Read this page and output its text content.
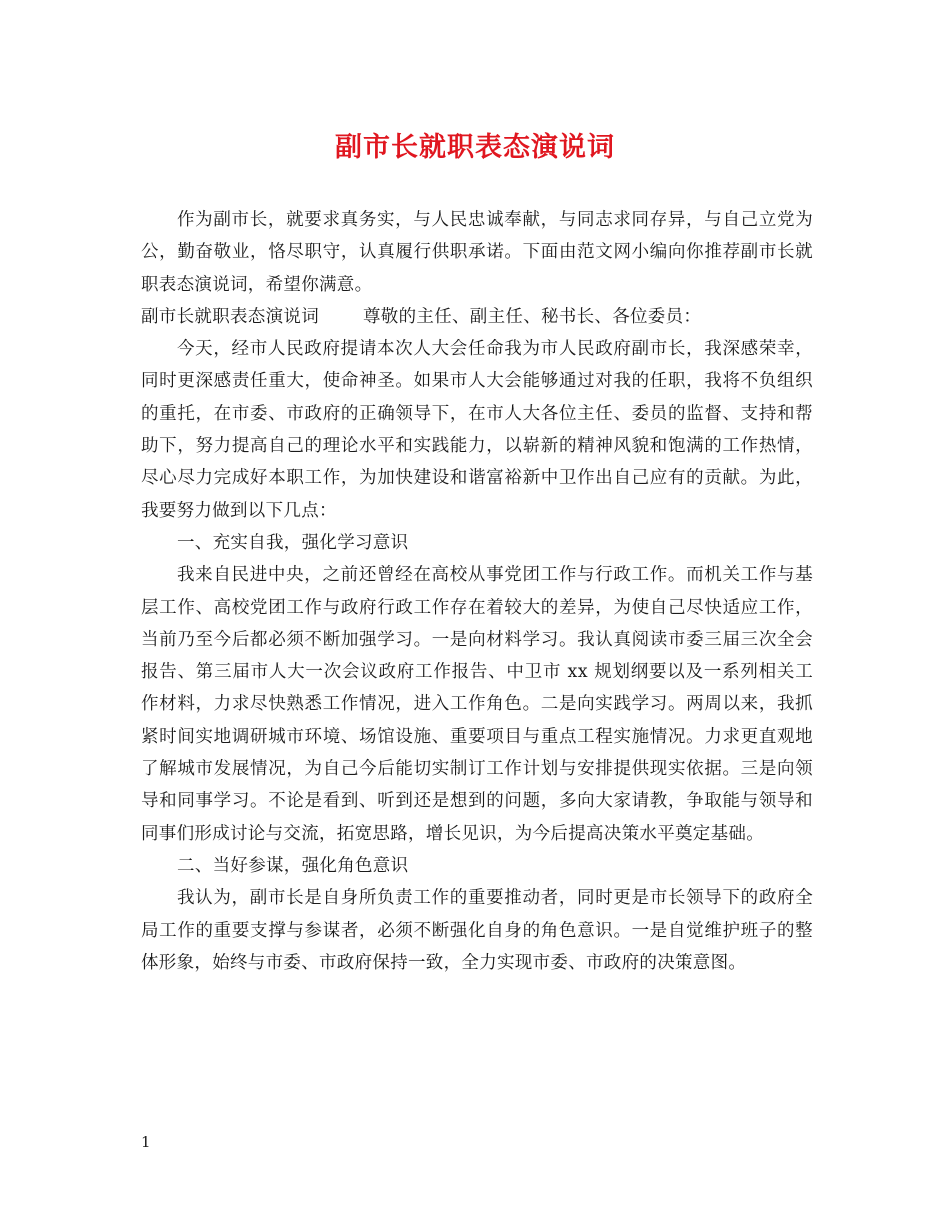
副市长就职表态演说词

作为副市长，就要求真务实，与人民忠诚奉献，与同志求同存异，与自己立党为公，勤奋敬业，恪尽职守，认真履行供职承诺。下面由范文网小编向你推荐副市长就职表态演说词，希望你满意。

副市长就职表态演说词	尊敬的主任、副主任、秘书长、各位委员：

今天，经市人民政府提请本次人大会任命我为市人民政府副市长，我深感荣幸，同时更深感责任重大，使命神圣。如果市人大会能够通过对我的任职，我将不负组织的重托，在市委、市政府的正确领导下，在市人大各位主任、委员的监督、支持和帮助下，努力提高自己的理论水平和实践能力，以崭新的精神风貌和饱满的工作热情，尽心尽力完成好本职工作，为加快建设和谐富裕新中卫作出自己应有的贡献。为此，我要努力做到以下几点：

一、充实自我，强化学习意识

我来自民进中央，之前还曾经在高校从事党团工作与行政工作。而机关工作与基层工作、高校党团工作与政府行政工作存在着较大的差异，为使自己尽快适应工作，当前乃至今后都必须不断加强学习。一是向材料学习。我认真阅读市委三届三次全会报告、第三届市人大一次会议政府工作报告、中卫市 xx 规划纲要以及一系列相关工作材料，力求尽快熟悉工作情况，进入工作角色。二是向实践学习。两周以来，我抓紧时间实地调研城市环境、场馆设施、重要项目与重点工程实施情况。力求更直观地了解城市发展情况，为自己今后能切实制订工作计划与安排提供现实依据。三是向领导和同事学习。不论是看到、听到还是想到的问题，多向大家请教，争取能与领导和同事们形成讨论与交流，拓宽思路，增长见识，为今后提高决策水平奠定基础。

二、当好参谋，强化角色意识

我认为，副市长是自身所负责工作的重要推动者，同时更是市长领导下的政府全局工作的重要支撑与参谋者，必须不断强化自身的角色意识。一是自觉维护班子的整体形象，始终与市委、市政府保持一致，全力实现市委、市政府的决策意图。

1
